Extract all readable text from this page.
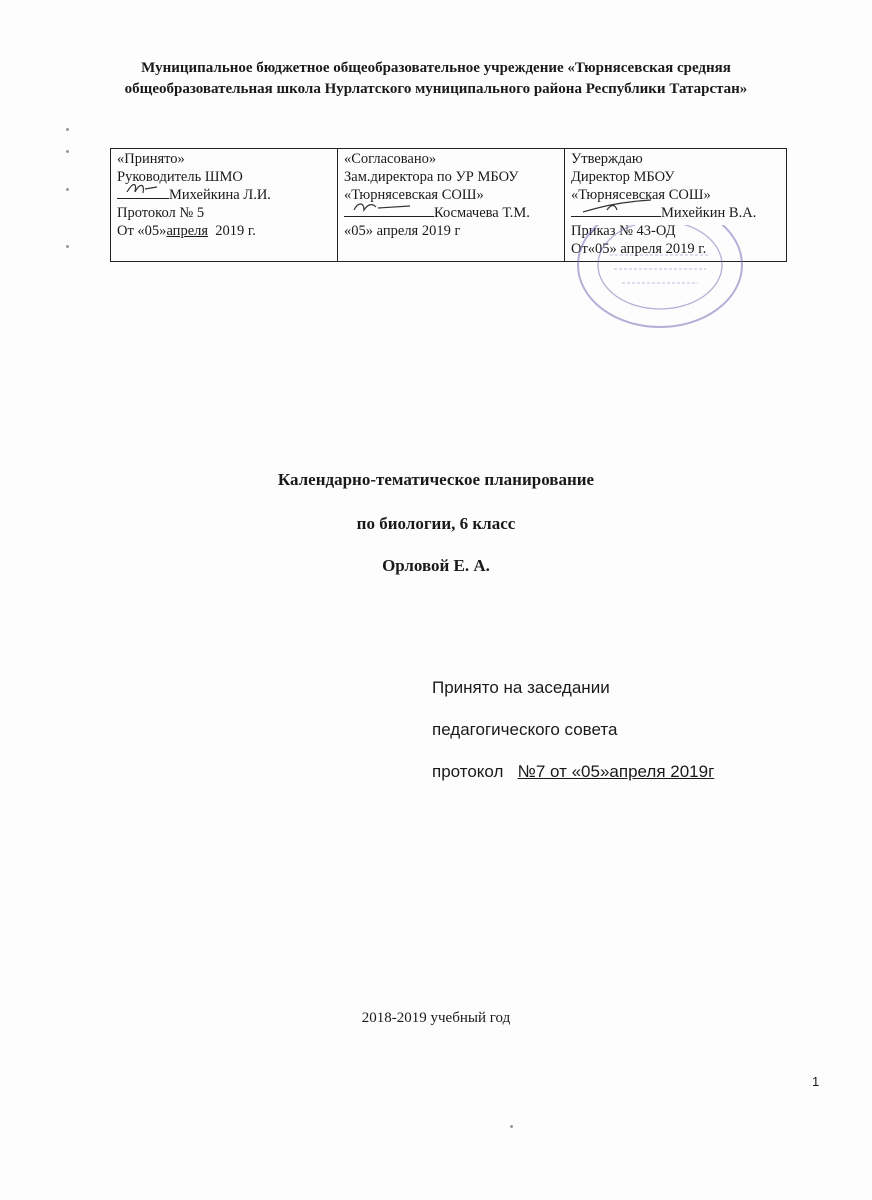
Муниципальное бюджетное общеобразовательное учреждение «Тюрнясевская средняя
общеобразовательная школа Нурлатского муниципального района Республики Татарстан»
«Принято»
Руководитель ШМО
Михейкина Л.И.
Протокол № 5
От «05»апреля 2019 г.

«Согласовано»
Зам.директора по УР МБОУ
«Тюрнясевская СОШ»
Космачева Т.М.
«05» апреля 2019 г

Утверждаю
Директор МБОУ
«Тюрнясевская СОШ»
Михейкин В.А.
Приказ № 43-ОД
От«05» апреля 2019 г.
Календарно-тематическое планирование
по биологии, 6 класс
Орловой Е. А.
Принято на заседании
педагогического совета
протокол №7 от «05»апреля 2019г
2018-2019 учебный год
1
